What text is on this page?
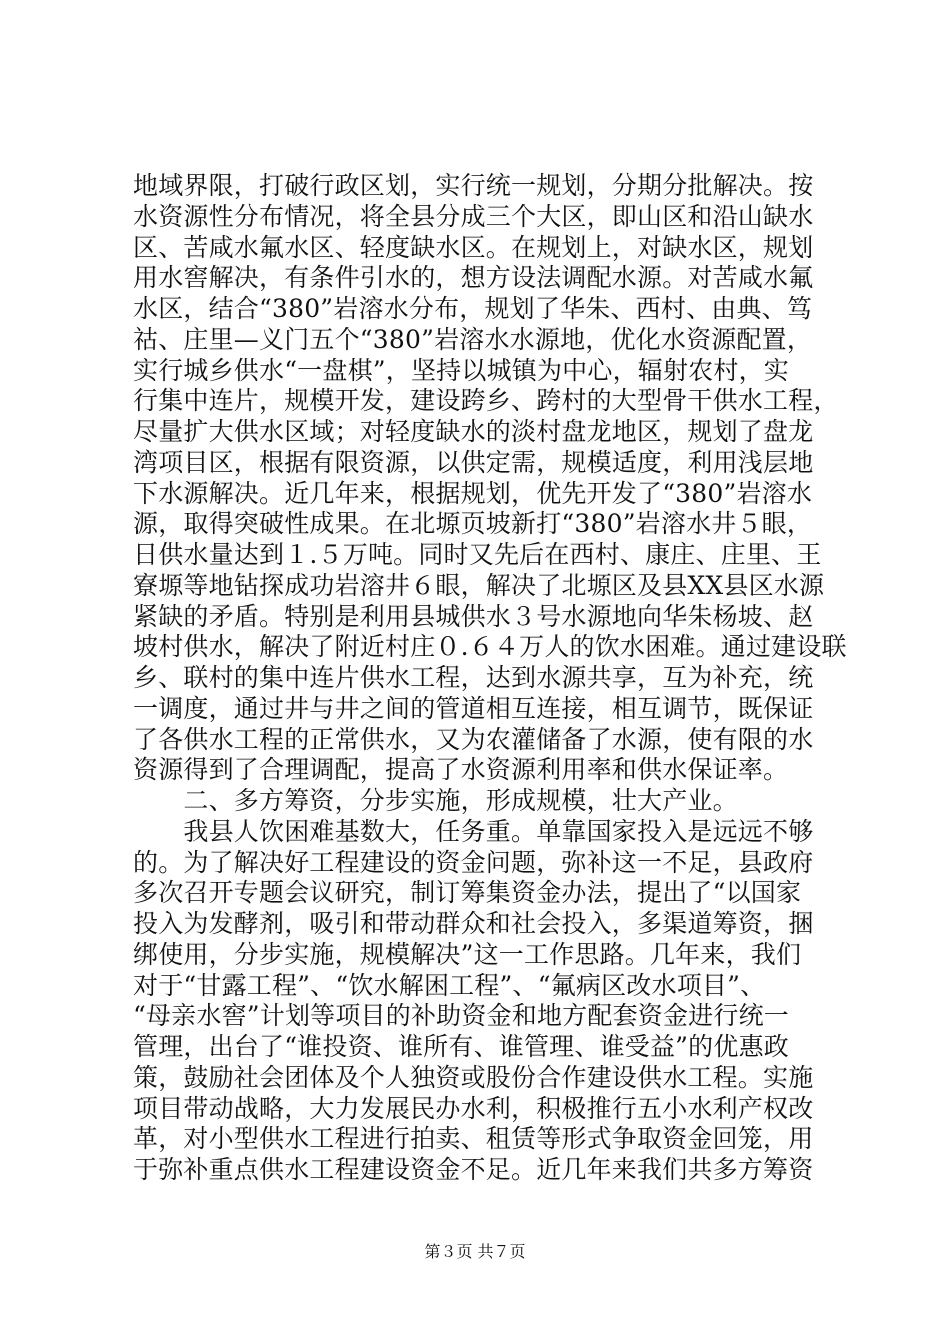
地域界限，打破行政区划，实行统一规划，分期分批解决。按
水资源性分布情况，将全县分成三个大区，即山区和沿山缺水
区、苦咸水氟水区、轻度缺水区。在规划上，对缺水区，规划
用水窖解决，有条件引水的，想方设法调配水源。对苦咸水氟
水区，结合“380”岩溶水分布，规划了华朱、西村、由典、笃
祜、庄里—义门五个“380”岩溶水水源地，优化水资源配置，
实行城乡供水“一盘棋”，坚持以城镇为中心，辐射农村，实
行集中连片，规模开发，建设跨乡、跨村的大型骨干供水工程，
尽量扩大供水区域；对轻度缺水的淡村盘龙地区，规划了盘龙
湾项目区，根据有限资源，以供定需，规模适度，利用浅层地
下水源解决。近几年来，根据规划，优先开发了“380”岩溶水
源，取得突破性成果。在北塬页坡新打“380”岩溶水井５眼，
日供水量达到１.５万吨。同时又先后在西村、康庄、庄里、王
寮塬等地钻探成功岩溶井６眼，解决了北塬区及县XX县区水源
紧缺的矛盾。特别是利用县城供水３号水源地向华朱杨坡、赵
坡村供水，解决了附近村庄０.６４万人的饮水困难。通过建设联
乡、联村的集中连片供水工程，达到水源共享，互为补充，统
一调度，通过井与井之间的管道相互连接，相互调节，既保证
了各供水工程的正常供水，又为农灌储备了水源，使有限的水
资源得到了合理调配，提高了水资源利用率和供水保证率。
　　二、多方筹资，分步实施，形成规模，壮大产业。
　　我县人饮困难基数大，任务重。单靠国家投入是远远不够
的。为了解决好工程建设的资金问题，弥补这一不足，县政府
多次召开专题会议研究，制订筹集资金办法，提出了“以国家
投入为发酵剂，吸引和带动群众和社会投入，多渠道筹资，捆
绑使用，分步实施，规模解决”这一工作思路。几年来，我们
对于“甘露工程”、“饮水解困工程”、“氟病区改水项目”、
“母亲水窖”计划等项目的补助资金和地方配套资金进行统一
管理，出台了“谁投资、谁所有、谁管理、谁受益”的优惠政
策，鼓励社会团体及个人独资或股份合作建设供水工程。实施
项目带动战略，大力发展民办水利，积极推行五小水利产权改
革，对小型供水工程进行拍卖、租赁等形式争取资金回笼，用
于弥补重点供水工程建设资金不足。近几年来我们共多方筹资
第３页 共７页
